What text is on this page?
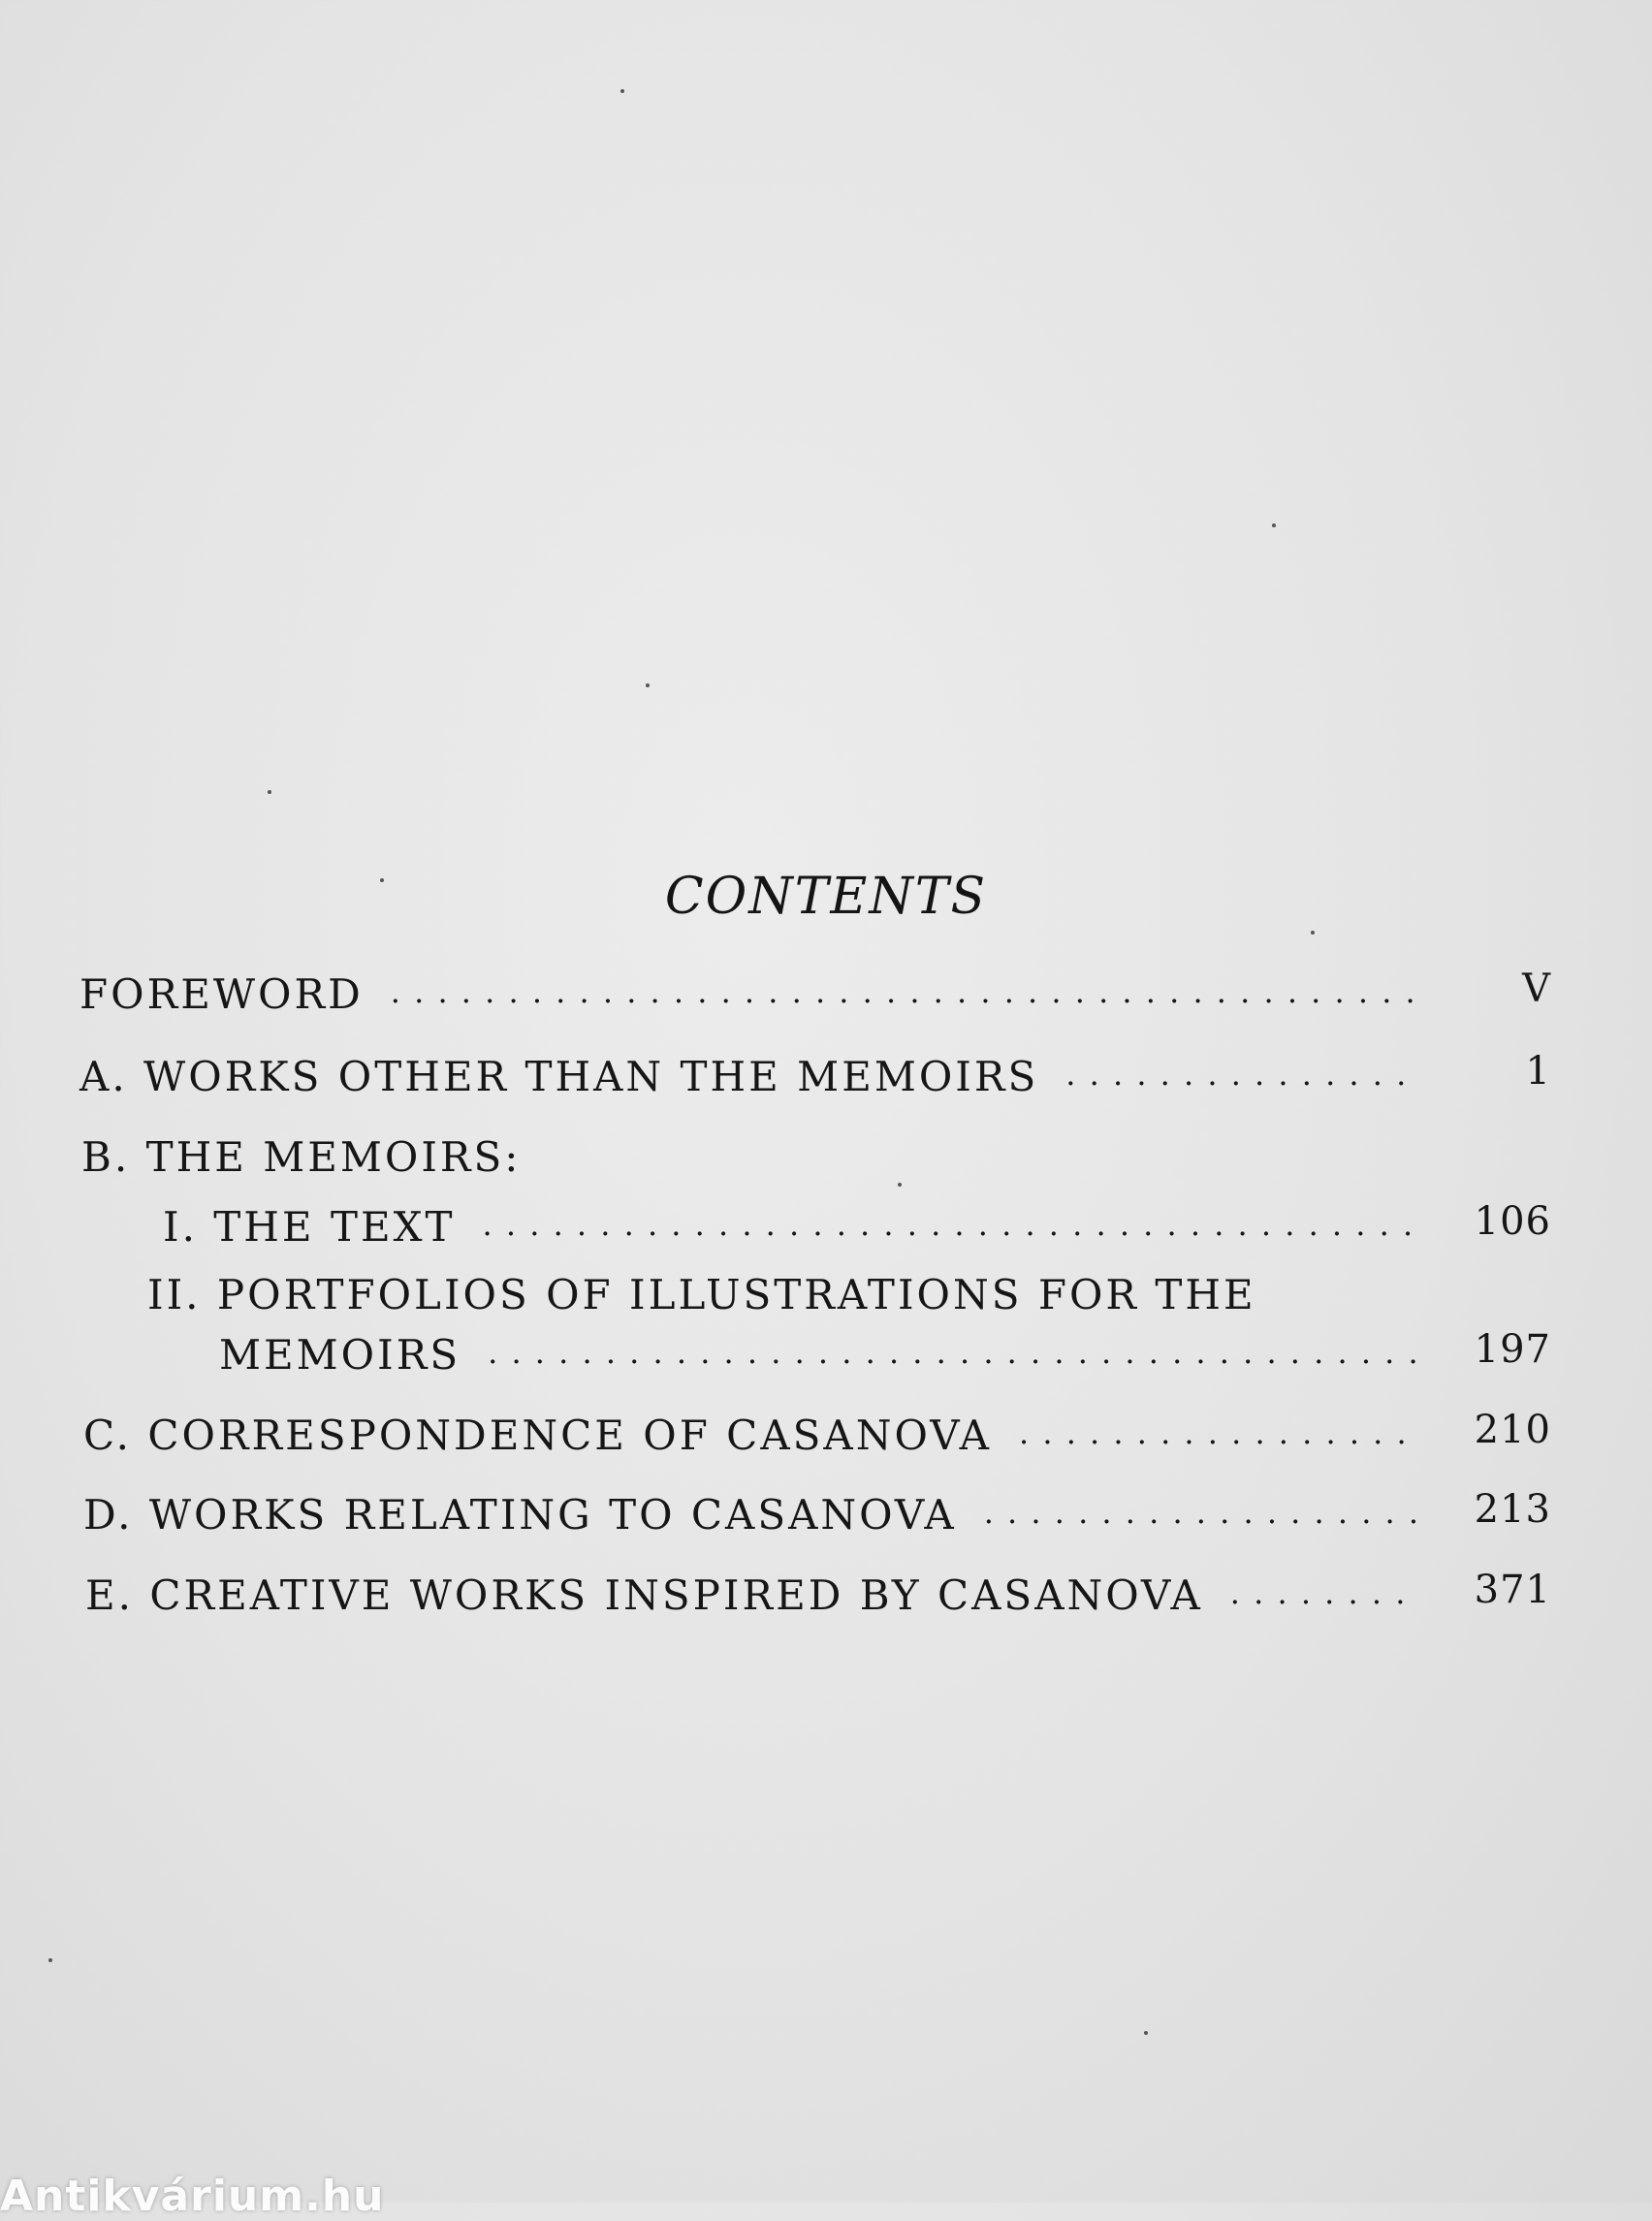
CONTENTS
FOREWORD . . .	V
A. WORKS OTHER THAN THE MEMOIRS . . .	1
B. THE MEMOIRS:
I. THE TEXT . . .	106
II. PORTFOLIOS OF ILLUSTRATIONS FOR THE
MEMOIRS . . .	197
C. CORRESPONDENCE OF CASANOVA . . .	210
D. WORKS RELATING TO CASANOVA . . .	213
E. CREATIVE WORKS INSPIRED BY CASANOVA . . .	371
Antikvárium.hu
